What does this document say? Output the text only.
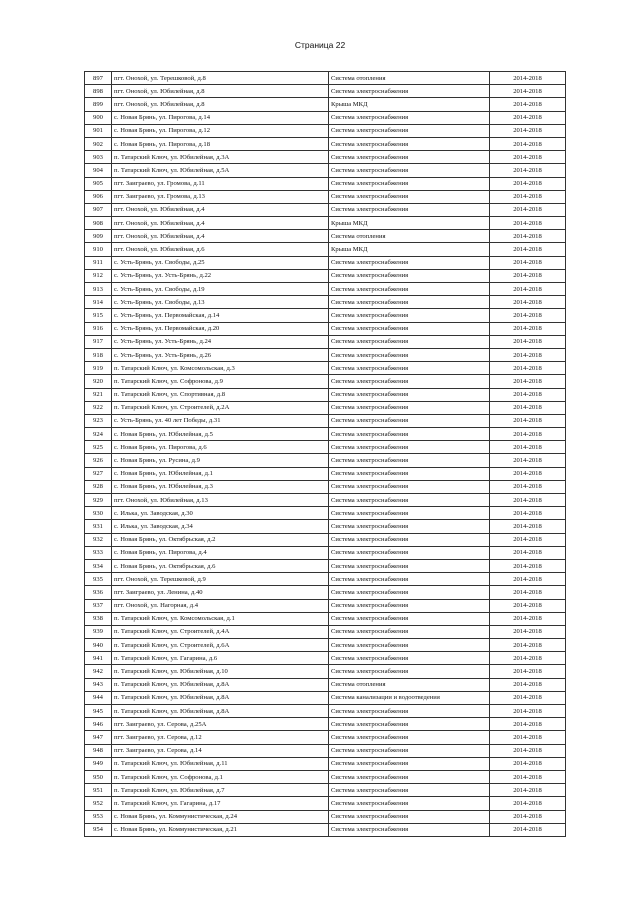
Страница 22
897	пгт. Онохой, ул. Терешковой, д.8	Система отопления	2014-2018
898	пгт. Онохой, ул. Юбилейная, д.8	Система электроснабжения	2014-2018
899	пгт. Онохой, ул. Юбилейная, д.8	Крыша МКД	2014-2018
900	с. Новая Брянь, ул. Пирогова, д.14	Система электроснабжения	2014-2018
901	с. Новая Брянь, ул. Пирогова, д.12	Система электроснабжения	2014-2018
902	с. Новая Брянь, ул. Пирогова, д.18	Система электроснабжения	2014-2018
903	п. Татарский Ключ, ул. Юбилейная, д.3А	Система электроснабжения	2014-2018
904	п. Татарский Ключ, ул. Юбилейная, д.5А	Система электроснабжения	2014-2018
905	пгт. Заиграево, ул. Громова, д.11	Система электроснабжения	2014-2018
906	пгт. Заиграево, ул. Громова, д.13	Система электроснабжения	2014-2018
907	пгт. Онохой, ул. Юбилейная, д.4	Система электроснабжения	2014-2018
908	пгт. Онохой, ул. Юбилейная, д.4	Крыша МКД	2014-2018
909	пгт. Онохой, ул. Юбилейная, д.4	Система отопления	2014-2018
910	пгт. Онохой, ул. Юбилейная, д.6	Крыша МКД	2014-2018
911	с. Усть-Брянь, ул. Свободы, д.25	Система электроснабжения	2014-2018
912	с. Усть-Брянь, ул. Усть-Брянь, д.22	Система электроснабжения	2014-2018
913	с. Усть-Брянь, ул. Свободы, д.19	Система электроснабжения	2014-2018
914	с. Усть-Брянь, ул. Свободы, д.13	Система электроснабжения	2014-2018
915	с. Усть-Брянь, ул. Первомайская, д.14	Система электроснабжения	2014-2018
916	с. Усть-Брянь, ул. Первомайская, д.20	Система электроснабжения	2014-2018
917	с. Усть-Брянь, ул. Усть-Брянь, д.24	Система электроснабжения	2014-2018
918	с. Усть-Брянь, ул. Усть-Брянь, д.26	Система электроснабжения	2014-2018
919	п. Татарский Ключ, ул. Комсомольская, д.3	Система электроснабжения	2014-2018
920	п. Татарский Ключ, ул. Софронова, д.9	Система электроснабжения	2014-2018
921	п. Татарский Ключ, ул. Спортивная, д.8	Система электроснабжения	2014-2018
922	п. Татарский Ключ, ул. Строителей, д.2А	Система электроснабжения	2014-2018
923	с. Усть-Брянь, ул. 40 лет Победы, д.31	Система электроснабжения	2014-2018
924	с. Новая Брянь, ул. Юбилейная, д.5	Система электроснабжения	2014-2018
925	с. Новая Брянь, ул. Пирогова, д.6	Система электроснабжения	2014-2018
926	с. Новая Брянь, ул. Русина, д.9	Система электроснабжения	2014-2018
927	с. Новая Брянь, ул. Юбилейная, д.1	Система электроснабжения	2014-2018
928	с. Новая Брянь, ул. Юбилейная, д.3	Система электроснабжения	2014-2018
929	пгт. Онохой, ул. Юбилейная, д.13	Система электроснабжения	2014-2018
930	с. Илька, ул. Заводская, д.30	Система электроснабжения	2014-2018
931	с. Илька, ул. Заводская, д.34	Система электроснабжения	2014-2018
932	с. Новая Брянь, ул. Октябрьская, д.2	Система электроснабжения	2014-2018
933	с. Новая Брянь, ул. Пирогова, д.4	Система электроснабжения	2014-2018
934	с. Новая Брянь, ул. Октябрьская, д.6	Система электроснабжения	2014-2018
935	пгт. Онохой, ул. Терешковой, д.9	Система электроснабжения	2014-2018
936	пгт. Заиграево, ул. Ленина, д.40	Система электроснабжения	2014-2018
937	пгт. Онохой, ул. Нагорная, д.4	Система электроснабжения	2014-2018
938	п. Татарский Ключ, ул. Комсомольская, д.1	Система электроснабжения	2014-2018
939	п. Татарский Ключ, ул. Строителей, д.4А	Система электроснабжения	2014-2018
940	п. Татарский Ключ, ул. Строителей, д.6А	Система электроснабжения	2014-2018
941	п. Татарский Ключ, ул. Гагарина, д.6	Система электроснабжения	2014-2018
942	п. Татарский Ключ, ул. Юбилейная, д.10	Система электроснабжения	2014-2018
943	п. Татарский Ключ, ул. Юбилейная, д.8А	Система отопления	2014-2018
944	п. Татарский Ключ, ул. Юбилейная, д.8А	Система канализации и водоотведения	2014-2018
945	п. Татарский Ключ, ул. Юбилейная, д.8А	Система электроснабжения	2014-2018
946	пгт. Заиграево, ул. Серова, д.25А	Система электроснабжения	2014-2018
947	пгт. Заиграево, ул. Серова, д.12	Система электроснабжения	2014-2018
948	пгт. Заиграево, ул. Серова, д.14	Система электроснабжения	2014-2018
949	п. Татарский Ключ, ул. Юбилейная, д.11	Система электроснабжения	2014-2018
950	п. Татарский Ключ, ул. Софронова, д.1	Система электроснабжения	2014-2018
951	п. Татарский Ключ, ул. Юбилейная, д.7	Система электроснабжения	2014-2018
952	п. Татарский Ключ, ул. Гагарина, д.17	Система электроснабжения	2014-2018
953	с. Новая Брянь, ул. Коммунистическая, д.24	Система электроснабжения	2014-2018
954	с. Новая Брянь, ул. Коммунистическая, д.21	Система электроснабжения	2014-2018
